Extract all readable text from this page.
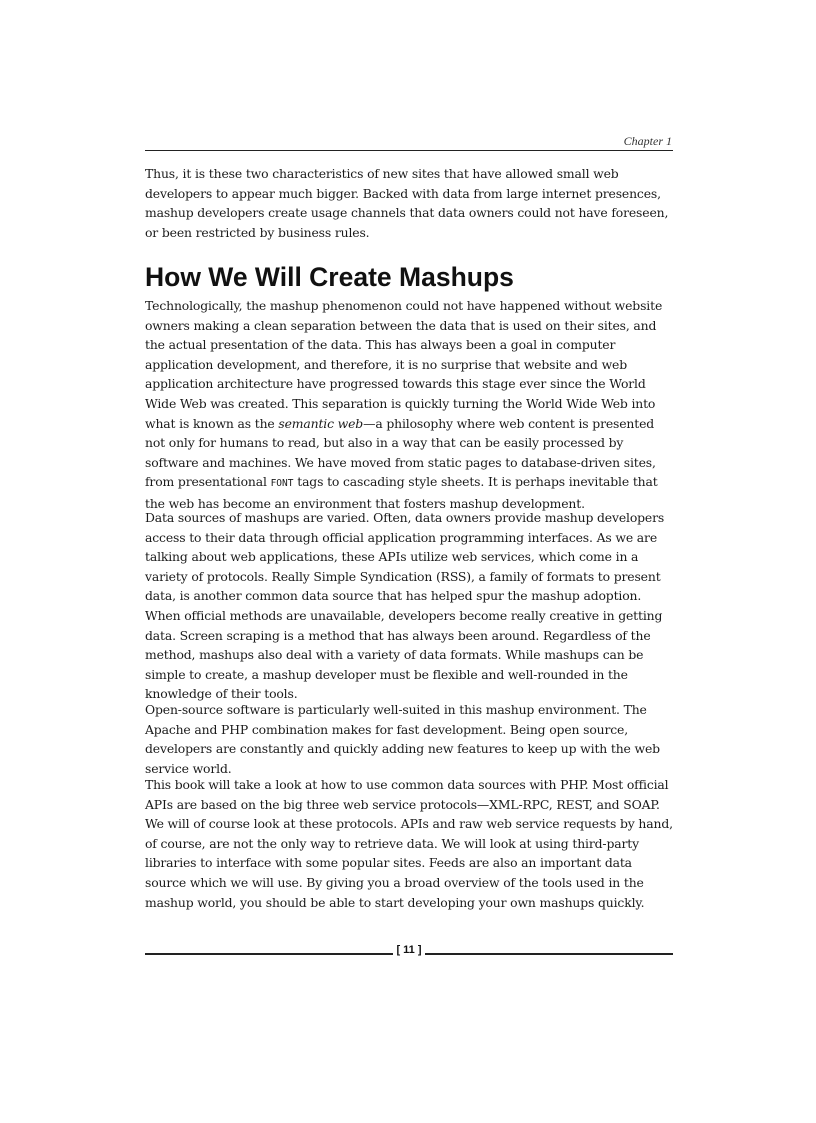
Chapter 1

Thus, it is these two characteristics of new sites that have allowed small web developers to appear much bigger. Backed with data from large internet presences, mashup developers create usage channels that data owners could not have foreseen, or been restricted by business rules.

How We Will Create Mashups

Technologically, the mashup phenomenon could not have happened without website owners making a clean separation between the data that is used on their sites, and the actual presentation of the data. This has always been a goal in computer application development, and therefore, it is no surprise that website and web application architecture have progressed towards this stage ever since the World Wide Web was created. This separation is quickly turning the World Wide Web into what is known as the semantic web—a philosophy where web content is presented not only for humans to read, but also in a way that can be easily processed by software and machines. We have moved from static pages to database-driven sites, from presentational FONT tags to cascading style sheets. It is perhaps inevitable that the web has become an environment that fosters mashup development.

Data sources of mashups are varied. Often, data owners provide mashup developers access to their data through official application programming interfaces. As we are talking about web applications, these APIs utilize web services, which come in a variety of protocols. Really Simple Syndication (RSS), a family of formats to present data, is another common data source that has helped spur the mashup adoption. When official methods are unavailable, developers become really creative in getting data. Screen scraping is a method that has always been around. Regardless of the method, mashups also deal with a variety of data formats. While mashups can be simple to create, a mashup developer must be flexible and well-rounded in the knowledge of their tools.

Open-source software is particularly well-suited in this mashup environment. The Apache and PHP combination makes for fast development. Being open source, developers are constantly and quickly adding new features to keep up with the web service world.

This book will take a look at how to use common data sources with PHP. Most official APIs are based on the big three web service protocols—XML-RPC, REST, and SOAP. We will of course look at these protocols. APIs and raw web service requests by hand, of course, are not the only way to retrieve data. We will look at using third-party libraries to interface with some popular sites. Feeds are also an important data source which we will use. By giving you a broad overview of the tools used in the mashup world, you should be able to start developing your own mashups quickly.

[ 11 ]
